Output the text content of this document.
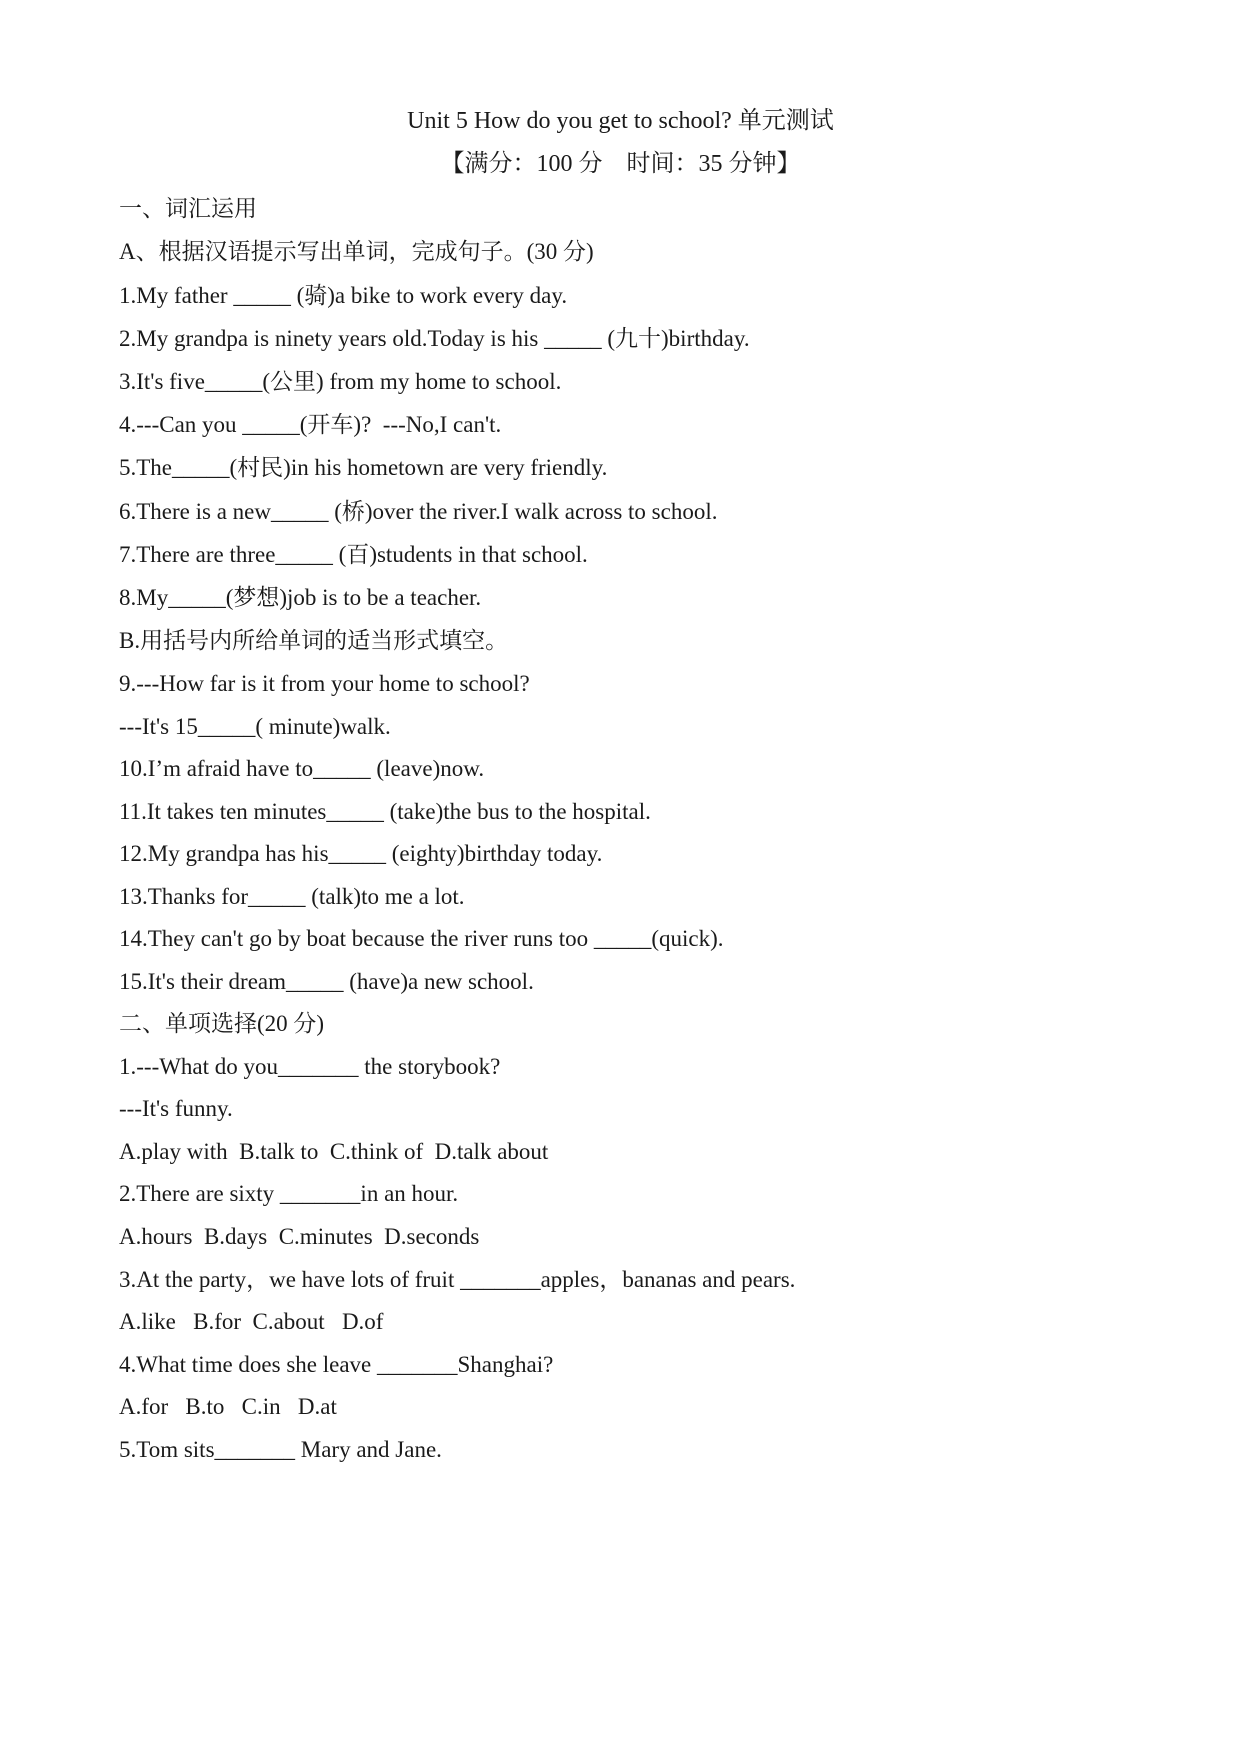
Unit 5 How do you get to school? 单元测试
【满分：100 分　时间：35 分钟】
一、词汇运用
A、根据汉语提示写出单词，完成句子。(30 分)
1.My father _____ (骑)a bike to work every day.
2.My grandpa is ninety years old.Today is his _____ (九十)birthday.
3.It's five_____(公里) from my home to school.
4.---Can you _____(开车)?  ---No,I can't.
5.The_____(村民)in his hometown are very friendly.
6.There is a new_____ (桥)over the river.I walk across to school.
7.There are three_____ (百)students in that school.
8.My_____(梦想)job is to be a teacher.
B.用括号内所给单词的适当形式填空。
9.---How far is it from your home to school?
---It's 15_____( minute)walk.
10.I’m afraid have to_____ (leave)now.
11.It takes ten minutes_____ (take)the bus to the hospital.
12.My grandpa has his_____ (eighty)birthday today.
13.Thanks for_____ (talk)to me a lot.
14.They can't go by boat because the river runs too _____(quick).
15.It's their dream_____ (have)a new school.
二、单项选择(20 分)
1.---What do you_______ the storybook?
---It's funny.
A.play with  B.talk to  C.think of  D.talk about
2.There are sixty _______in an hour.
A.hours  B.days  C.minutes  D.seconds
3.At the party，we have lots of fruit _______apples，bananas and pears.
A.like   B.for  C.about   D.of
4.What time does she leave _______Shanghai?
A.for   B.to   C.in   D.at
5.Tom sits_______ Mary and Jane.
